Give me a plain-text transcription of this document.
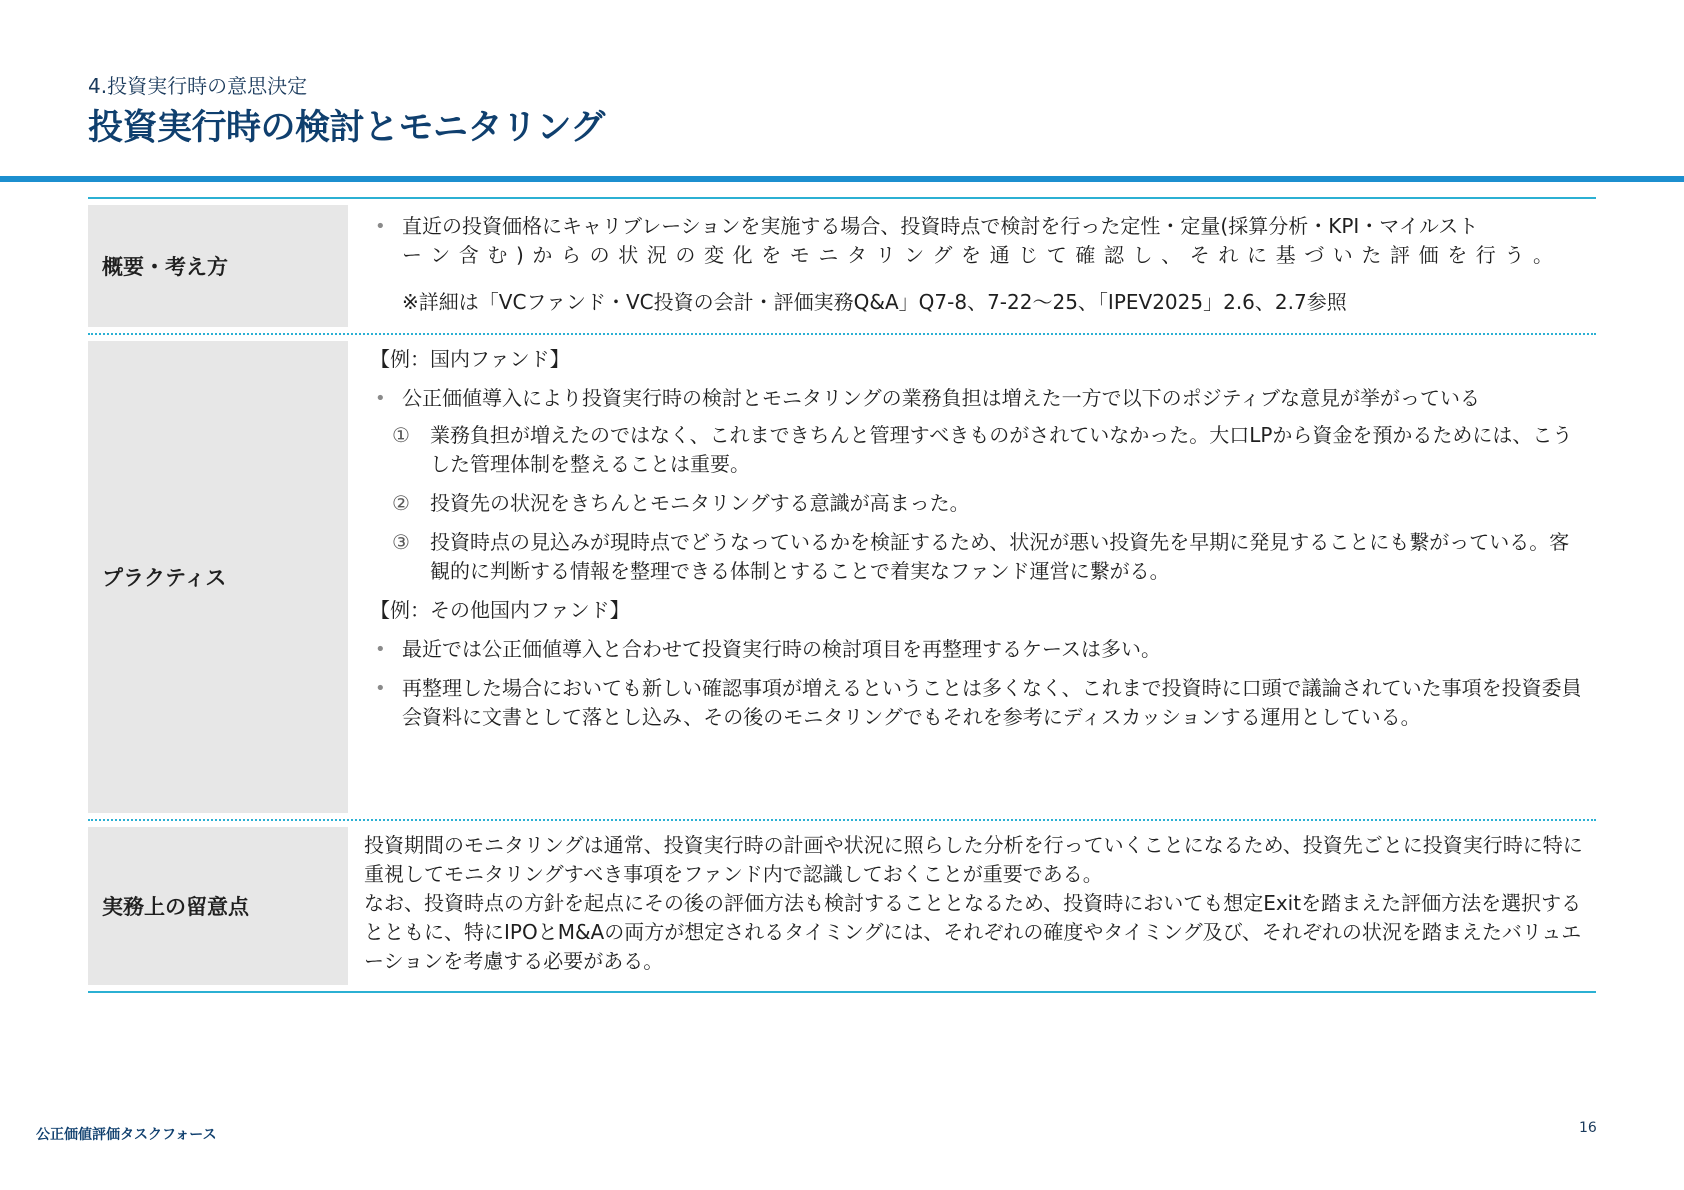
4.投資実行時の意思決定
投資実行時の検討とモニタリング
概要・考え方
• 直近の投資価格にキャリブレーションを実施する場合、投資時点で検討を行った定性・定量(採算分析・KPI・マイルスト
ーン含む)からの状況の変化をモニタリングを通じて確認し、それに基づいた評価を行う。
※詳細は「VCファンド・VC投資の会計・評価実務Q&A」Q7-8、7-22～25、「IPEV2025」2.6、2.7参照
プラクティス
【例：国内ファンド】
• 公正価値導入により投資実行時の検討とモニタリングの業務負担は増えた一方で以下のポジティブな意見が挙がっている
① 業務負担が増えたのではなく、これまできちんと管理すべきものがされていなかった。大口LPから資金を預かるためには、こうした管理体制を整えることは重要。
② 投資先の状況をきちんとモニタリングする意識が高まった。
③ 投資時点の見込みが現時点でどうなっているかを検証するため、状況が悪い投資先を早期に発見することにも繋がっている。客観的に判断する情報を整理できる体制とすることで着実なファンド運営に繋がる。
【例：その他国内ファンド】
• 最近では公正価値導入と合わせて投資実行時の検討項目を再整理するケースは多い。
• 再整理した場合においても新しい確認事項が増えるということは多くなく、これまで投資時に口頭で議論されていた事項を投資委員会資料に文書として落とし込み、その後のモニタリングでもそれを参考にディスカッションする運用としている。
実務上の留意点

投資期間のモニタリングは通常、投資実行時の計画や状況に照らした分析を行っていくことになるため、投資先ごとに投資実行時に特に重視してモニタリングすべき事項をファンド内で認識しておくことが重要である。

なお、投資時点の方針を起点にその後の評価方法も検討することとなるため、投資時においても想定Exitを踏まえた評価方法を選択するとともに、特にIPOとM&Aの両方が想定されるタイミングには、それぞれの確度やタイミング及び、それぞれの状況を踏まえたバリュエーションを考慮する必要がある。

公正価値評価タスクフォース	16
